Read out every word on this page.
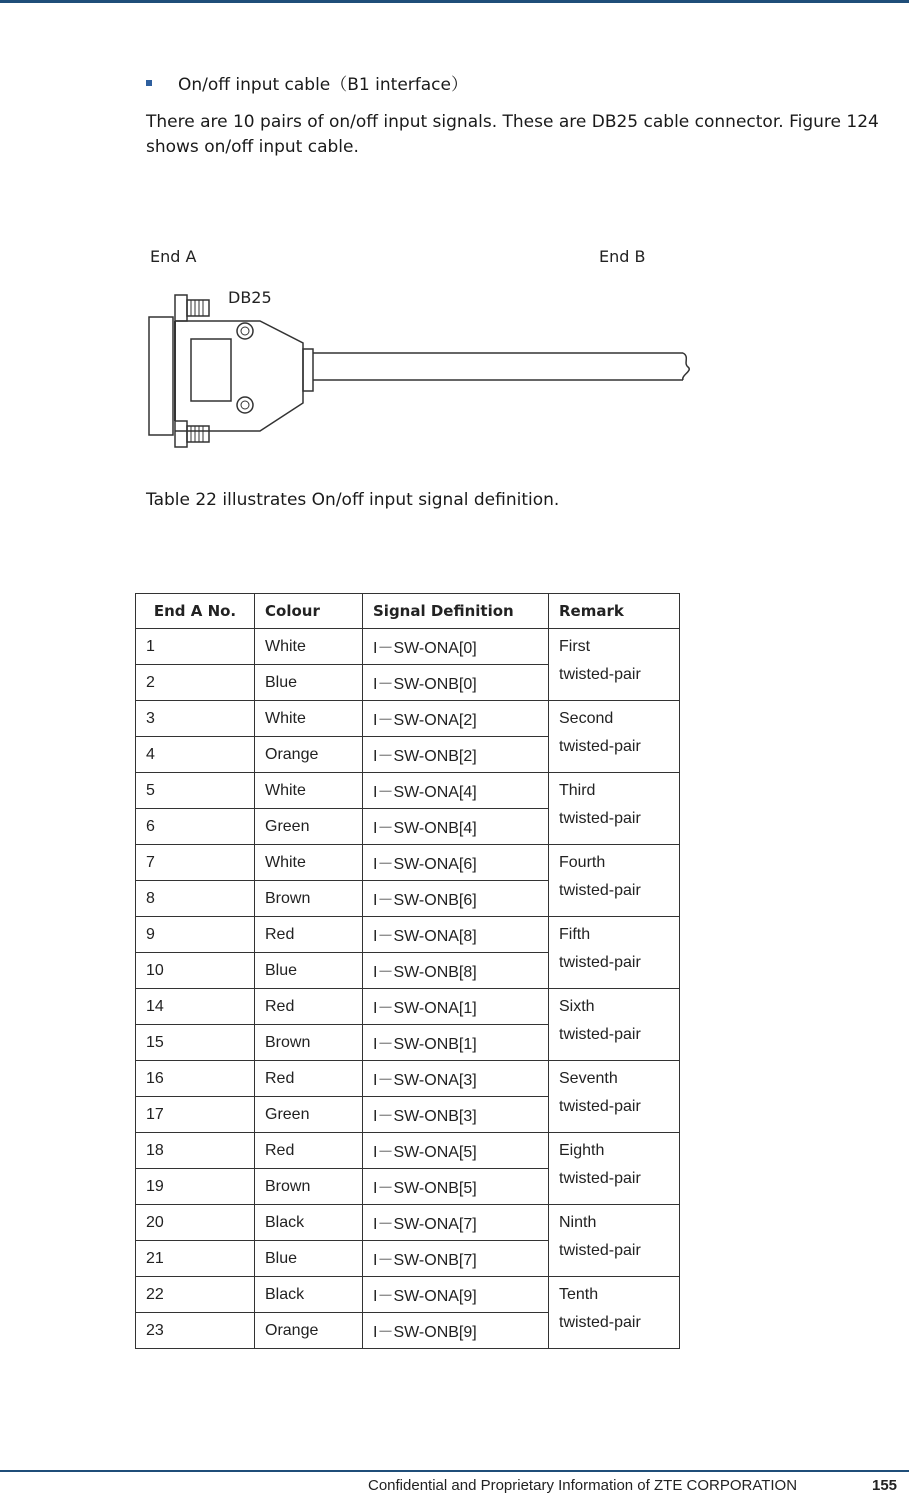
On/off input cable（B1 interface）
There are 10 pairs of on/off input signals. These are DB25 cable connector. Figure 124 shows on/off input cable.
End A	End B
DB25
Table 22 illustrates On/off input signal definition.
End A No.	Colour	Signal Definition	Remark
1	White	I－SW-ONA[0]	First
twisted-pair

2	Blue	I－SW-ONB[0]	
3	White	I－SW-ONA[2]	Second
twisted-pair

4	Orange	I－SW-ONB[2]	
5	White	I－SW-ONA[4]	Third
twisted-pair

6	Green	I－SW-ONB[4]	
7	White	I－SW-ONA[6]	Fourth
twisted-pair

8	Brown	I－SW-ONB[6]	
9	Red	I－SW-ONA[8]	Fifth
twisted-pair

10	Blue	I－SW-ONB[8]	
14	Red	I－SW-ONA[1]	Sixth
twisted-pair

15	Brown	I－SW-ONB[1]	
16	Red	I－SW-ONA[3]	Seventh
twisted-pair

17	Green	I－SW-ONB[3]	
18	Red	I－SW-ONA[5]	Eighth
twisted-pair

19	Brown	I－SW-ONB[5]	
20	Black	I－SW-ONA[7]	Ninth
twisted-pair

21	Blue	I－SW-ONB[7]	
22	Black	I－SW-ONA[9]	Tenth
twisted-pair

23	Orange	I－SW-ONB[9]	
Confidential and Proprietary Information of ZTE CORPORATION	155
